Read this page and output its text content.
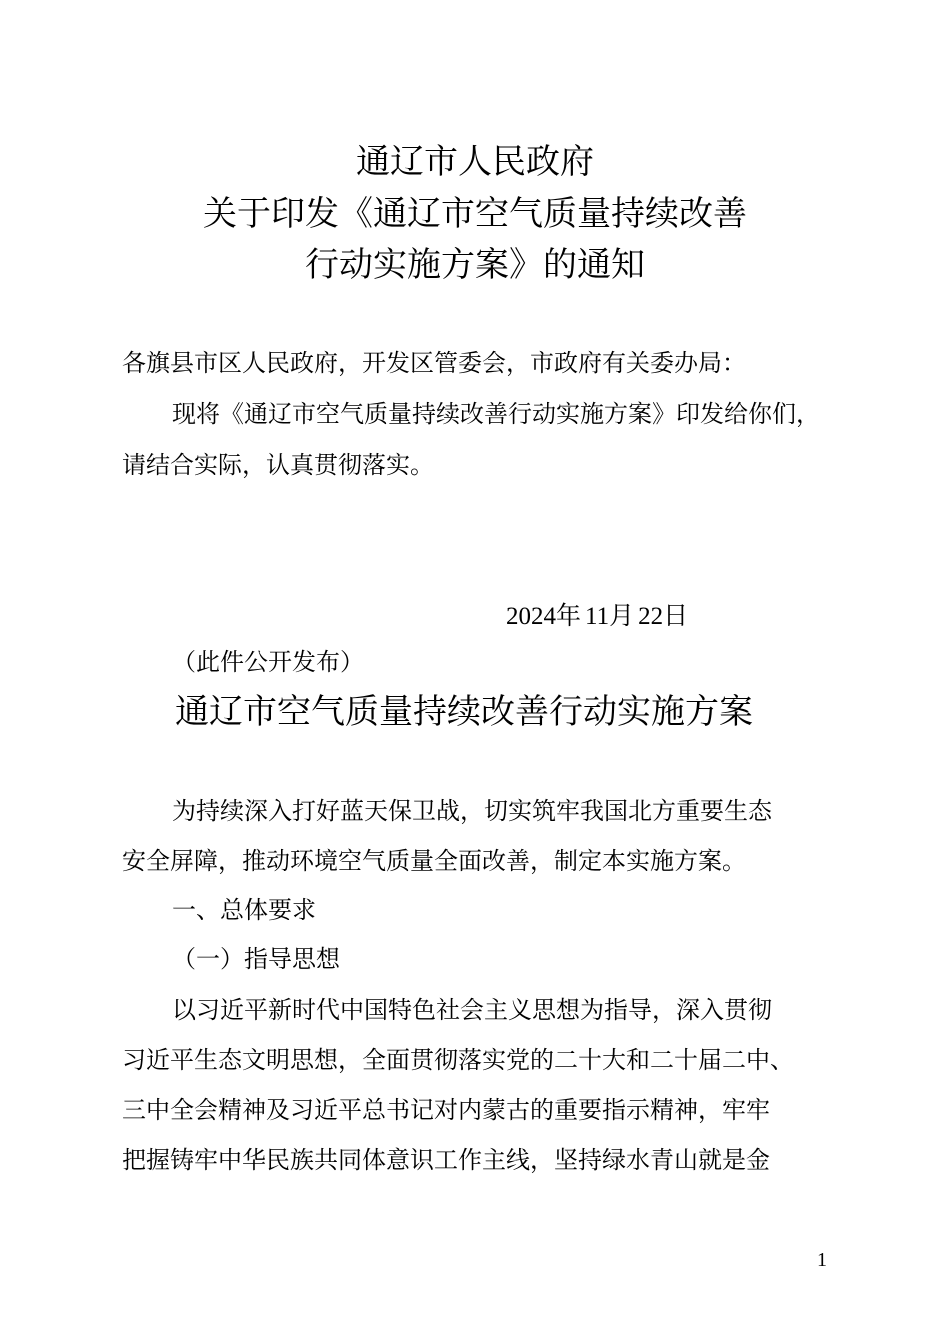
通辽市人民政府
关于印发《通辽市空气质量持续改善
行动实施方案》的通知
各旗县市区人民政府，开发区管委会，市政府有关委办局：
现将《通辽市空气质量持续改善行动实施方案》印发给你们，
请结合实际，认真贯彻落实。
2024年 11月 22日
（此件公开发布）
通辽市空气质量持续改善行动实施方案
为持续深入打好蓝天保卫战，切实筑牢我国北方重要生态
安全屏障，推动环境空气质量全面改善，制定本实施方案。
一、总体要求
（一）指导思想
以习近平新时代中国特色社会主义思想为指导，深入贯彻
习近平生态文明思想，全面贯彻落实党的二十大和二十届二中、
三中全会精神及习近平总书记对内蒙古的重要指示精神，牢牢
把握铸牢中华民族共同体意识工作主线，坚持绿水青山就是金
1
